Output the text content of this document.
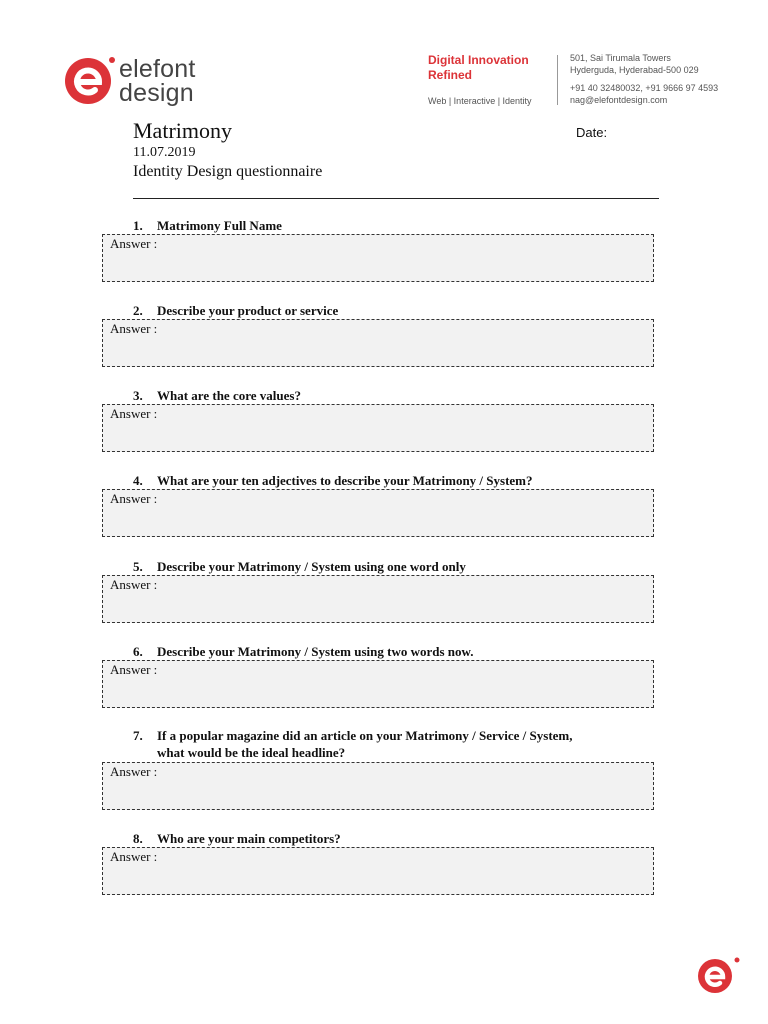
elefont
design
Digital Innovation
Refined
Web | Interactive | Identity
501, Sai Tirumala Towers
Hyderguda, Hyderabad-500 029
+91 40 32480032, +91 9666 97 4593
nag@elefontdesign.com
Matrimony
11.07.2019
Identity Design questionnaire
Date:
1. Matrimony Full Name
Answer :
2. Describe your product or service
Answer :
3. What are the core values?
Answer :
4. What are your ten adjectives to describe your Matrimony / System?
Answer :
5. Describe your Matrimony / System using one word only
Answer :
6. Describe your Matrimony / System using two words now.
Answer :
7. If a popular magazine did an article on your Matrimony / Service / System,
what would be the ideal headline?
Answer :
8. Who are your main competitors?
Answer :
